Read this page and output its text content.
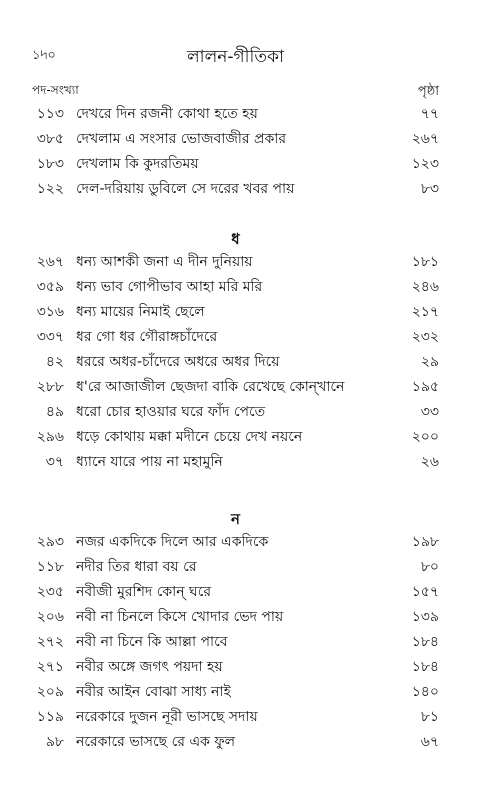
১৸০	লালন-গীতিকা
পদ-সংখ্যা	পৃষ্ঠা
১১৩ দেখরে দিন রজনী কোথা হতে হয়	৭৭
৩৮৫ দেখলাম এ সংসার ভোজবাজীর প্রকার	২৬৭
১৮৩ দেখলাম কি কুদরতিময়	১২৩
১২২ দেল-দরিয়ায় ডুবিলে সে দরের খবর পায়	৮৩
ধ
২৬৭ ধন্য আশকী জনা এ দীন দুনিয়ায়	১৮১
৩৫৯ ধন্য ভাব গোপীভাব আহা মরি মরি	২৪৬
৩১৬ ধন্য মায়ের নিমাই ছেলে	২১৭
৩৩৭ ধর গো ধর গৌরাঙ্গচাঁদেরে	২৩২
৪২ ধররে অধর-চাঁদেরে অধরে অধর দিয়ে	২৯
২৮৮ ধ'রে আজাজীল ছেজদা বাকি রেখেছে কোন্‌খানে	১৯৫
৪৯ ধরো চোর হাওয়ার ঘরে ফাঁদ পেতে	৩৩
২৯৬ ধড়ে কোথায় মক্কা মদীনে চেয়ে দেখ নয়নে	২০০
৩৭ ধ্যানে যারে পায় না মহামুনি	২৬
ন
২৯৩ নজর একদিকে দিলে আর একদিকে	১৯৮
১১৮ নদীর তির ধারা বয় রে	৮০
২৩৫ নবীজী মুরশিদ কোন্ ঘরে	১৫৭
২০৬ নবী না চিনলে কিসে খোদার ভেদ পায়	১৩৯
২৭২ নবী না চিনে কি আল্লা পাবে	১৮৪
২৭১ নবীর অঙ্গে জগৎ পয়দা হয়	১৮৪
২০৯ নবীর আইন বোঝা সাধ্য নাই	১৪০
১১৯ নরেকারে দুজন নূরী ভাসছে সদায়	৮১
৯৮ নরেকারে ভাসছে রে এক ফুল	৬৭
